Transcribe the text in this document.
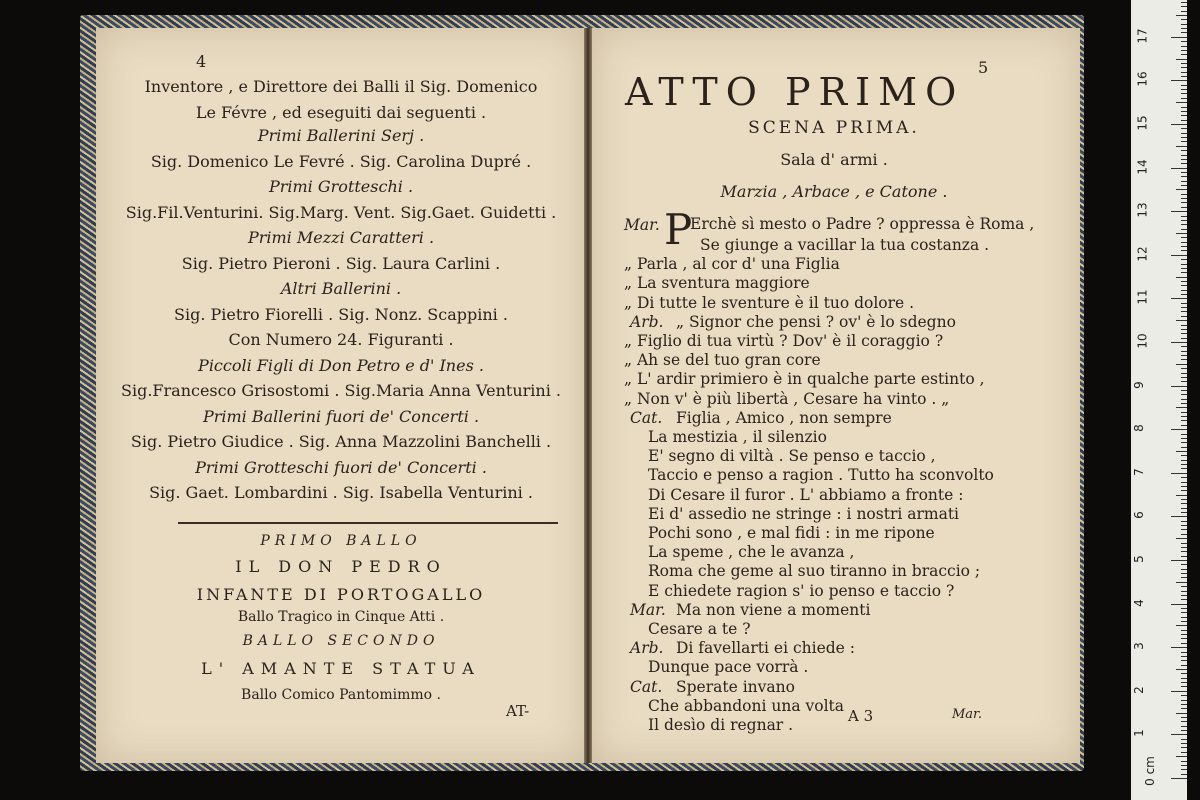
4
Inventore , e Direttore dei Balli il Sig. Domenico
Le Févre , ed eseguiti dai seguenti .
Primi Ballerini Serj .
Sig. Domenico Le Fevré . Sig. Carolina Dupré .
Primi Grotteschi .
Sig.Fil.Venturini. Sig.Marg. Vent. Sig.Gaet. Guidetti .
Primi Mezzi Caratteri .
Sig. Pietro Pieroni . Sig. Laura Carlini .
Altri Ballerini .
Sig. Pietro Fiorelli . Sig. Nonz. Scappini .
Con Numero 24. Figuranti .
Piccoli Figli di Don Petro e d' Ines .
Sig.Francesco Grisostomi . Sig.Maria Anna Venturini .
Primi Ballerini fuori de' Concerti .
Sig. Pietro Giudice . Sig. Anna Mazzolini Banchelli .
Primi Grotteschi fuori de' Concerti .
Sig. Gaet. Lombardini . Sig. Isabella Venturini .
PRIMO BALLO
IL DON PEDRO
INFANTE DI PORTOGALLO
Ballo Tragico in Cinque Atti .
BALLO SECONDO
L' AMANTE STATUA
Ballo Comico Pantomimmo .
AT-
5
ATTO PRIMO
SCENA PRIMA.
Sala d' armi .
Marzia , Arbace , e Catone .
Mar. P
Erchè sì mesto o Padre ? oppressa è Roma ,
Se giunge a vacillar la tua costanza .
„ Parla , al cor d' una Figlia
„ La sventura maggiore
„ Di tutte le sventure è il tuo dolore .
Arb. „ Signor che pensi ? ov' è lo sdegno
„ Figlio di tua virtù ? Dov' è il coraggio ?
„ Ah se del tuo gran core
„ L' ardir primiero è in qualche parte estinto ,
„ Non v' è più libertà , Cesare ha vinto . „
Cat. Figlia , Amico , non sempre
La mestizia , il silenzio
E' segno di viltà . Se penso e taccio ,
Taccio e penso a ragion . Tutto ha sconvolto
Di Cesare il furor . L' abbiamo a fronte :
Ei d' assedio ne stringe : i nostri armati
Pochi sono , e mal fidi : in me ripone
La speme , che le avanza ,
Roma che geme al suo tiranno in braccio ;
E chiedete ragion s' io penso e taccio ?
Mar. Ma non viene a momenti
Cesare a te ?
Arb. Di favellarti ei chiede :
Dunque pace vorrà .
Cat. Sperate invano
Che abbandoni una volta
Il desìo di regnar .	A 3	Mar.
0 cm
1
2
3
4
5
6
7
8
9
10
11
12
13
14
15
16
17
